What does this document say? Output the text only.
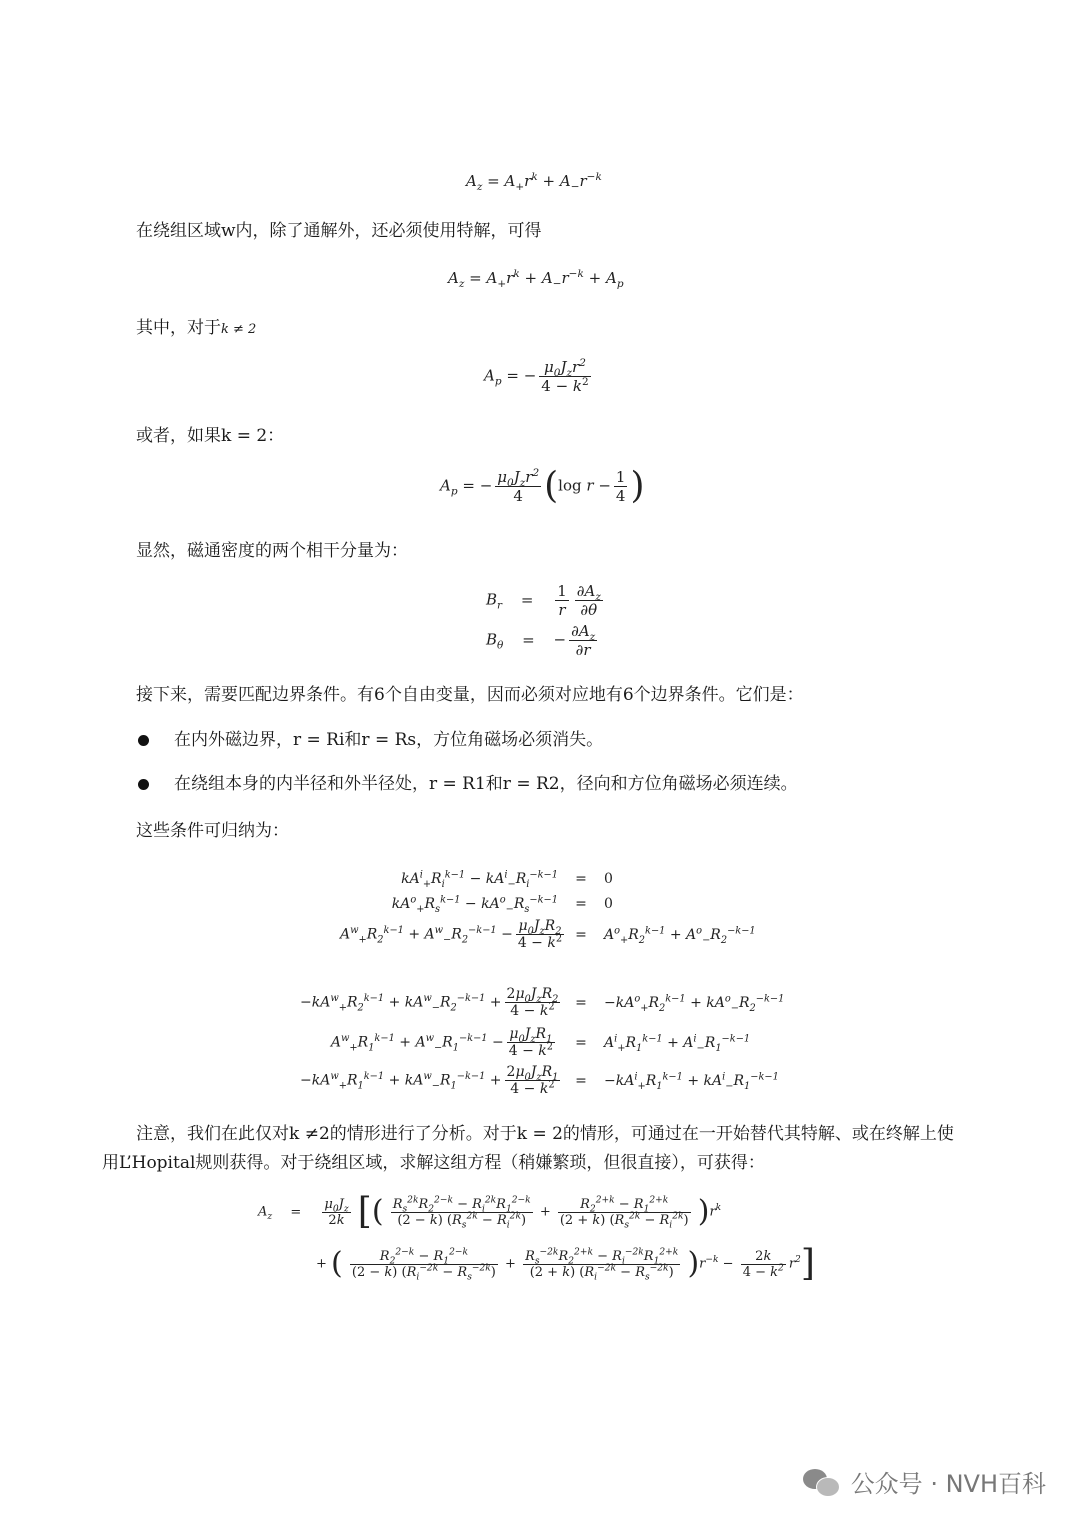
$A_z = A_+r^k + A_-r^{-k}$
在绕组区域w内，除了通解外，还必须使用特解，可得
$A_z = A_+r^k + A_-r^{-k} + A_p$
其中，对于k ≠ 2
$A_p$ = − $\frac{\mu_0J_zr^2}{4 - k^2}$
或者，如果k = 2：
$A_p$ = − $\frac{\mu_0J_zr^2}{4} (\log$ $r - \frac{1}{4}$ )
显然，磁通密度的两个相干分量为：
$B_r = \frac{1}{r} \frac{\partial A_z}{\partial\theta}$
$B_\theta$ = − $\frac{\partial A_z}{\partial r}$
接下来，需要匹配边界条件。有6个自由变量，因而必须对应地有6个边界条件。它们是：
在内外磁边界，r = Ri和r = Rs，方位角磁场必须消失。
在绕组本身的内半径和外半径处，r = R1和r = R2，径向和方位角磁场必须连续。
这些条件可归纳为：
$kA^i_+R_i^{k-1} - kA^i_-R_i^{-k-1}$	=	0
$kA^o_+R_s^{k-1} - kA^o_-R_s^{-k-1}$	=	0
$A^w_+R_2^{k-1} + A^w_-R_2^{-k-1} - \frac{\mu_0J_zR_2}{4 - k^2}$ =	$A^o_+R_2^{k-1} + A^o_-R_2^{-k-1}$
$-kA^w_+R_2^{k-1} + kA^w_-R_2^{-k-1} + \frac{2\mu_0J_zR_2}{4 - k^2}$	=	$-kA^o_+R_2^{k-1} + kA^o_-R_2^{-k-1}$
$A^w_+R_1^{k-1} + A^w_-R_1^{-k-1} - \frac{\mu_0J_zR_1}{4 - k^2}$	=	$A^i_+R_1^{k-1} + A^i_-R_1^{-k-1}$
$-kA^w_+R_1^{k-1} + kA^w_-R_1^{-k-1} + \frac{2\mu_0J_zR_1}{4 - k^2}$	=	$-kA^i_+R_1^{k-1} + kA^i_-R_1^{-k-1}$
注意，我们在此仅对k ≠2的情形进行了分析。对于k = 2的情形，可通过在一开始替代其特解、或在终解上使
用L’Hopital规则获得。对于绕组区域，求解这组方程（稍嫌繁琐，但很直接），可获得：
$A_z = \frac{\mu_0J_z}{2k}$ [( $\frac{R_s^{2k}R_2^{2-k} - R_i^{2k}R_1^{2-k}}{(2 - k) (R_s^{2k} - R_i^{2k})} + \frac{R_2^{2+k} - R_1^{2+k}}{(2 + k) (R_s^{2k} - R_i^{2k})} )r^k$
+ ( $\frac{R_2^{2-k} - R_1^{2-k}}{(2 - k) (R_i^{-2k} - R_s^{-2k})} + \frac{R_s^{-2k}R_2^{2+k} - R_i^{-2k}R_1^{2+k}}{(2 + k) (R_i^{-2k} - R_s^{-2k})} )r^{-k} - \frac{2k}{4 - k^2} r^2$]
公众号 · NVH百科
